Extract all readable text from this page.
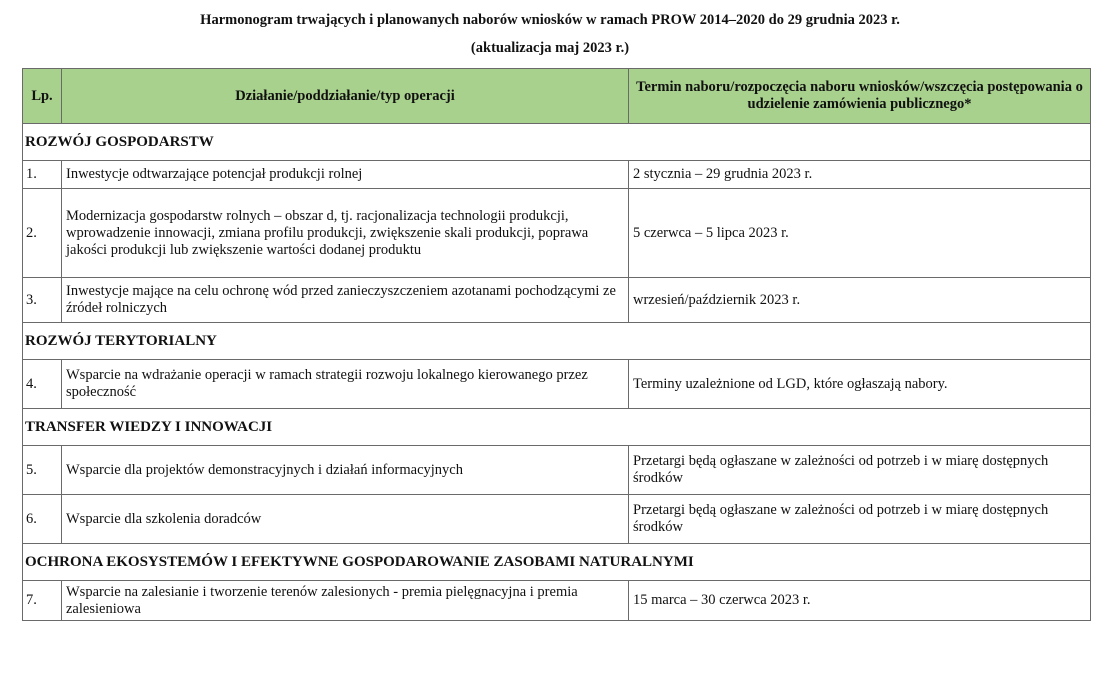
Harmonogram trwających i planowanych naborów wniosków w ramach PROW 2014–2020 do 29 grudnia 2023 r.
(aktualizacja maj 2023 r.)
Lp.	Działanie/poddziałanie/typ operacji	Termin naboru/rozpoczęcia naboru wniosków/wszczęcia postępowania o udzielenie zamówienia publicznego*
ROZWÓJ GOSPODARSTW		
1.	Inwestycje odtwarzające potencjał produkcji rolnej	2 stycznia – 29 grudnia 2023 r.
2.	Modernizacja gospodarstw rolnych – obszar d, tj. racjonalizacja technologii produkcji, wprowadzenie innowacji, zmiana profilu produkcji, zwiększenie skali produkcji, poprawa jakości produkcji lub zwiększenie wartości dodanej produktu	5 czerwca – 5 lipca 2023 r.
3.	Inwestycje mające na celu ochronę wód przed zanieczyszczeniem azotanami pochodzącymi ze źródeł rolniczych	wrzesień/październik 2023 r.
ROZWÓJ TERYTORIALNY		
4.	Wsparcie na wdrażanie operacji w ramach strategii rozwoju lokalnego kierowanego przez społeczność	Terminy uzależnione od LGD, które ogłaszają nabory.
TRANSFER WIEDZY I INNOWACJI		
5.	Wsparcie dla projektów demonstracyjnych i działań informacyjnych	Przetargi będą ogłaszane w zależności od potrzeb i w miarę dostępnych środków
6.	Wsparcie dla szkolenia doradców	Przetargi będą ogłaszane w zależności od potrzeb i w miarę dostępnych środków
OCHRONA EKOSYSTEMÓW I EFEKTYWNE GOSPODAROWANIE ZASOBAMI NATURALNYMI		
7.	Wsparcie na zalesianie i tworzenie terenów zalesionych - premia pielęgnacyjna i premia zalesieniowa	15 marca – 30 czerwca 2023 r.
